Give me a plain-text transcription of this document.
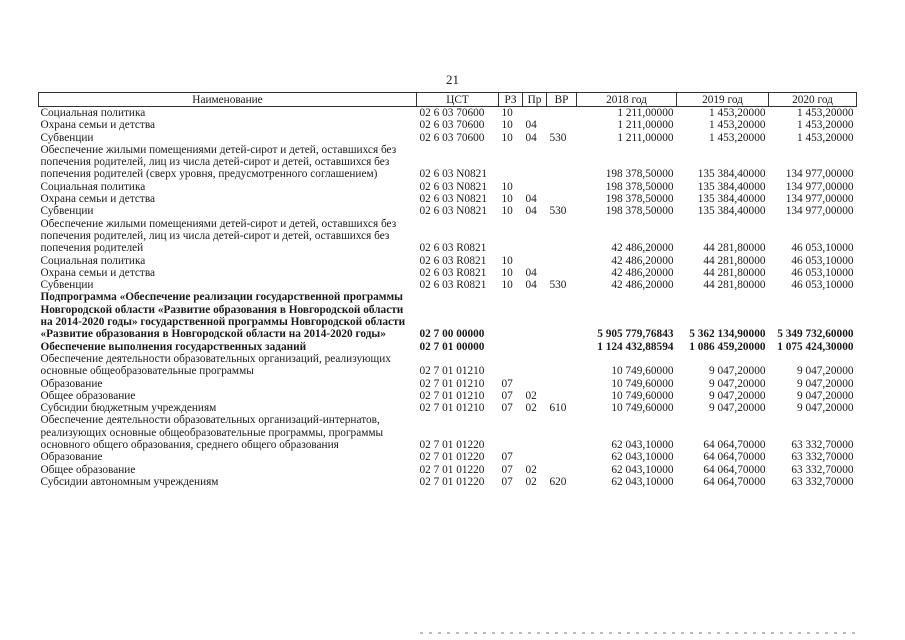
21
Наименование	ЦСТ	РЗ	Пр	ВР	2018 год	2019 год	2020 год
Социальная политика	02 6 03 70600	10			1 211,00000	1 453,20000	1 453,20000
Охрана семьи и детства	02 6 03 70600	10	04		1 211,00000	1 453,20000	1 453,20000
Субвенции	02 6 03 70600	10	04	530	1 211,00000	1 453,20000	1 453,20000
Обеспечение жилыми помещениями детей-сирот и детей, оставшихся без попечения родителей, лиц из числа детей-сирот и детей, оставшихся без попечения родителей (сверх уровня, предусмотренного соглашением)	02 6 03 N0821				198 378,50000	135 384,40000	134 977,00000
Социальная политика	02 6 03 N0821	10			198 378,50000	135 384,40000	134 977,00000
Охрана семьи и детства	02 6 03 N0821	10	04		198 378,50000	135 384,40000	134 977,00000
Субвенции	02 6 03 N0821	10	04	530	198 378,50000	135 384,40000	134 977,00000
Обеспечение жилыми помещениями детей-сирот и детей, оставшихся без попечения родителей, лиц из числа детей-сирот и детей, оставшихся без попечения родителей	02 6 03 R0821				42 486,20000	44 281,80000	46 053,10000
Социальная политика	02 6 03 R0821	10			42 486,20000	44 281,80000	46 053,10000
Охрана семьи и детства	02 6 03 R0821	10	04		42 486,20000	44 281,80000	46 053,10000
Субвенции	02 6 03 R0821	10	04	530	42 486,20000	44 281,80000	46 053,10000
Подпрограмма «Обеспечение реализации государственной программы Новгородской области «Развитие образования в Новгородской области на 2014-2020 годы» государственной программы Новгородской области «Развитие образования в Новгородской области на 2014-2020 годы»	02 7 00 00000				5 905 779,76843	5 362 134,90000	5 349 732,60000
Обеспечение выполнения государственных заданий	02 7 01 00000				1 124 432,88594	1 086 459,20000	1 075 424,30000
Обеспечение деятельности образовательных организаций, реализующих основные общеобразовательные программы	02 7 01 01210				10 749,60000	9 047,20000	9 047,20000
Образование	02 7 01 01210	07			10 749,60000	9 047,20000	9 047,20000
Общее образование	02 7 01 01210	07	02		10 749,60000	9 047,20000	9 047,20000
Субсидии бюджетным учреждениям	02 7 01 01210	07	02	610	10 749,60000	9 047,20000	9 047,20000
Обеспечение деятельности образовательных организаций-интернатов, реализующих основные общеобразовательные программы, программы основного общего образования, среднего общего образования	02 7 01 01220				62 043,10000	64 064,70000	63 332,70000
Образование	02 7 01 01220	07			62 043,10000	64 064,70000	63 332,70000
Общее образование	02 7 01 01220	07	02		62 043,10000	64 064,70000	63 332,70000
Субсидии автономным учреждениям	02 7 01 01220	07	02	620	62 043,10000	64 064,70000	63 332,70000
